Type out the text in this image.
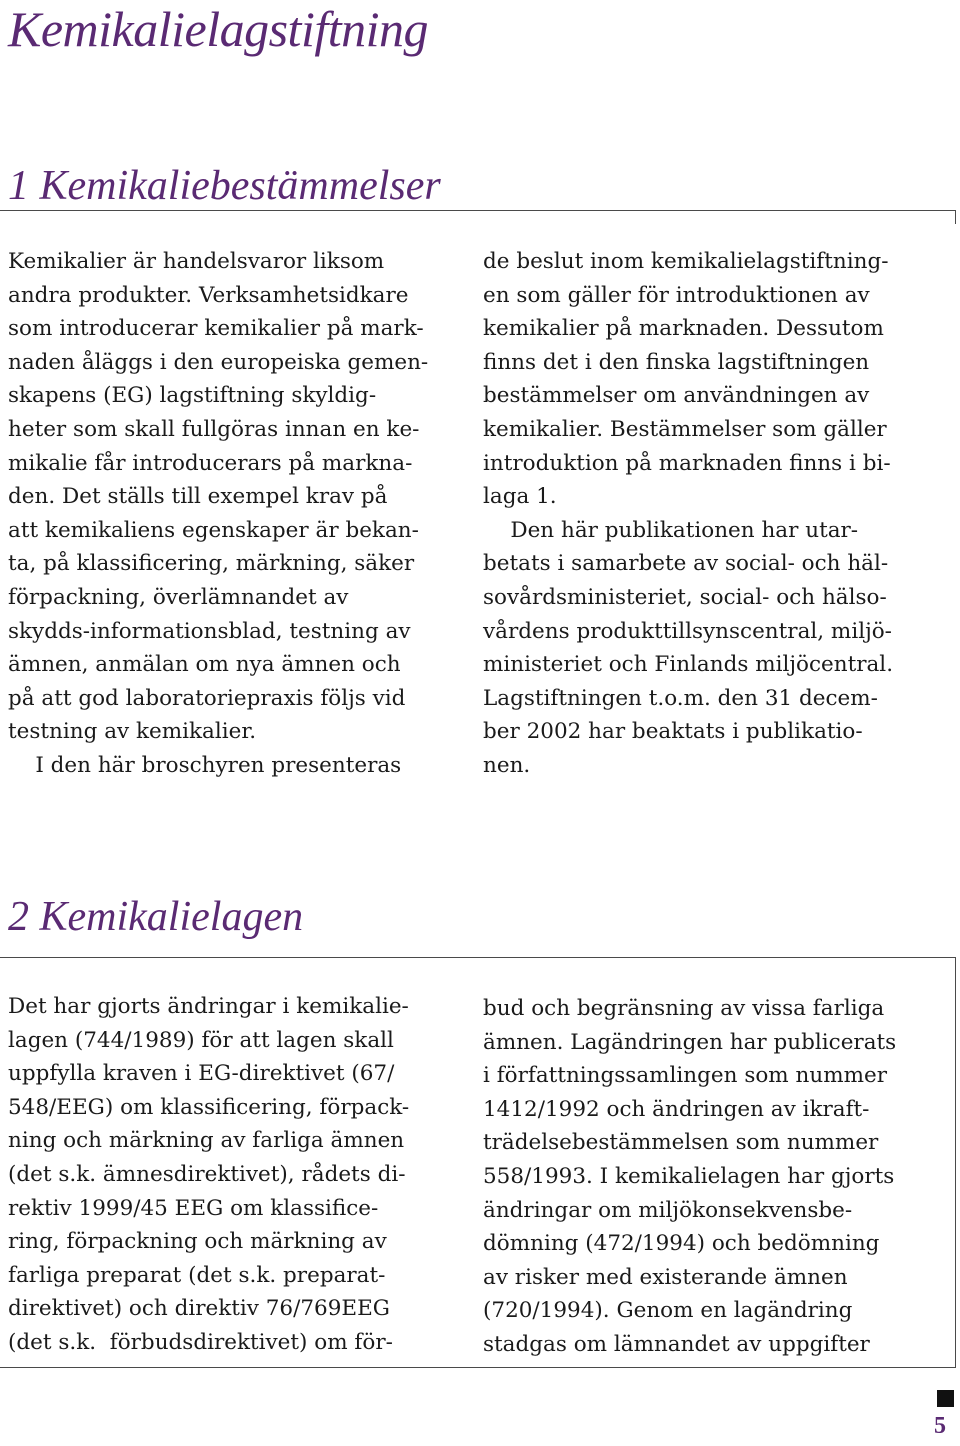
Kemikalielagstiftning
1 Kemikaliebestämmelser
Kemikalier är handelsvaror liksom
andra produkter. Verksamhetsidkare
som introducerar kemikalier på mark-
naden åläggs i den europeiska gemen-
skapens (EG) lagstiftning skyldig-
heter som skall fullgöras innan en ke-
mikalie får introducerars på markna-
den. Det ställs till exempel krav på
att kemikaliens egenskaper är bekan-
ta, på klassificering, märkning, säker
förpackning, överlämnandet av
skydds-informationsblad, testning av
ämnen, anmälan om nya ämnen och
på att god laboratoriepraxis följs vid
testning av kemikalier.
I den här broschyren presenteras
de beslut inom kemikalielagstiftning-
en som gäller för introduktionen av
kemikalier på marknaden. Dessutom
finns det i den finska lagstiftningen
bestämmelser om användningen av
kemikalier. Bestämmelser som gäller
introduktion på marknaden finns i bi-
laga 1.
Den här publikationen har utar-
betats i samarbete av social- och häl-
sovårdsministeriet, social- och hälso-
vårdens produkttillsynscentral, miljö-
ministeriet och Finlands miljöcentral.
Lagstiftningen t.o.m. den 31 decem-
ber 2002 har beaktats i publikatio-
nen.
2 Kemikalielagen
Det har gjorts ändringar i kemikalie-
lagen (744/1989) för att lagen skall
uppfylla kraven i EG-direktivet (67/
548/EEG) om klassificering, förpack-
ning och märkning av farliga ämnen
(det s.k. ämnesdirektivet), rådets di-
rektiv 1999/45 EEG om klassifice-
ring, förpackning och märkning av
farliga preparat (det s.k. preparat-
direktivet) och direktiv 76/769EEG
(det s.k.  förbudsdirektivet) om för-
bud och begränsning av vissa farliga
ämnen. Lagändringen har publicerats
i författningssamlingen som nummer
1412/1992 och ändringen av ikraft-
trädelsebestämmelsen som nummer
558/1993. I kemikalielagen har gjorts
ändringar om miljökonsekvensbe-
dömning (472/1994) och bedömning
av risker med existerande ämnen
(720/1994). Genom en lagändring
stadgas om lämnandet av uppgifter
5
